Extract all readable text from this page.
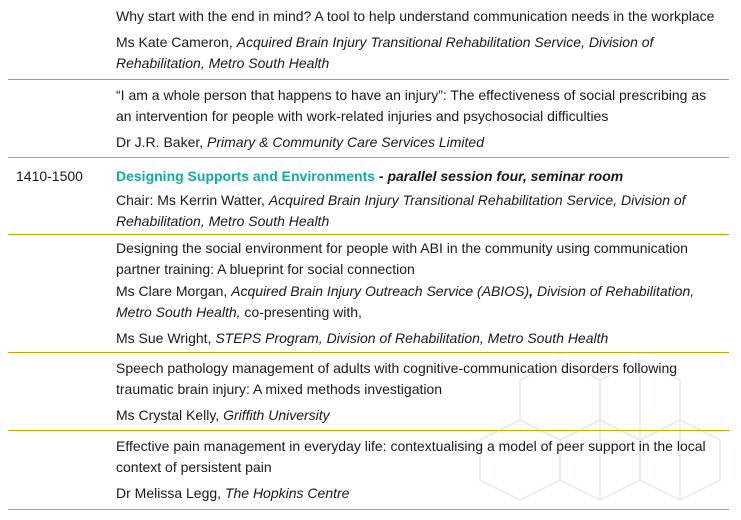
Why start with the end in mind? A tool to help understand communication needs in the workplace

Ms Kate Cameron, Acquired Brain Injury Transitional Rehabilitation Service, Division of Rehabilitation, Metro South Health

“I am a whole person that happens to have an injury”: The effectiveness of social prescribing as an intervention for people with work-related injuries and psychosocial difficulties

Dr J.R. Baker, Primary & Community Care Services Limited

1410-1500	Designing Supports and Environments - parallel session four, seminar room

Chair: Ms Kerrin Watter, Acquired Brain Injury Transitional Rehabilitation Service, Division of Rehabilitation, Metro South Health

Designing the social environment for people with ABI in the community using communication partner training: A blueprint for social connection

Ms Clare Morgan, Acquired Brain Injury Outreach Service (ABIOS), Division of Rehabilitation, Metro South Health, co-presenting with,

Ms Sue Wright, STEPS Program, Division of Rehabilitation, Metro South Health

Speech pathology management of adults with cognitive-communication disorders following traumatic brain injury: A mixed methods investigation

Ms Crystal Kelly, Griffith University

Effective pain management in everyday life: contextualising a model of peer support in the local context of persistent pain

Dr Melissa Legg, The Hopkins Centre
